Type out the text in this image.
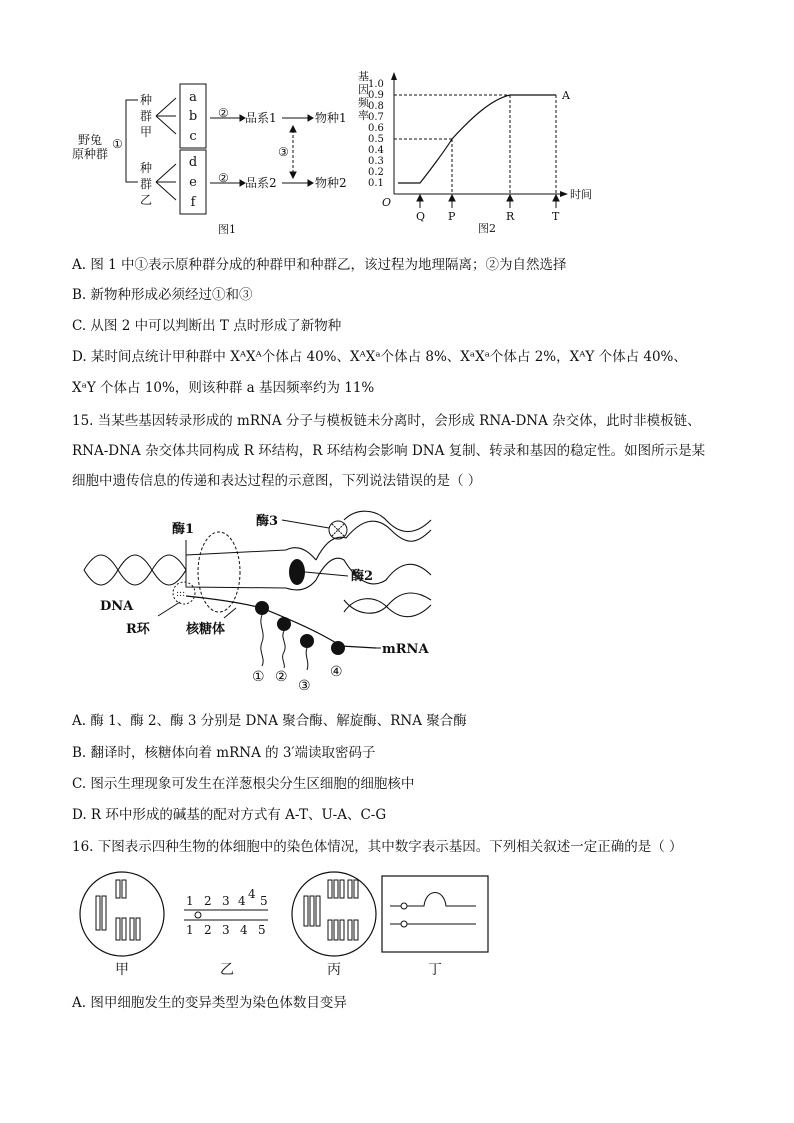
野兔
原种群
①
种
群
甲
种
群
乙
a
b
c
d
e
f
② 品系1	物种1
② 品系2	物种2
③
图1
基
因
频
率
1.0
0.9
0.8
0.7
0.6
0.5
0.4
0.3
0.2
0.1
时间
O
A
Q P	R	T
图2
A. 图 1 中①表示原种群分成的种群甲和种群乙，该过程为地理隔离；②为自然选择
B. 新物种形成必须经过①和③
C. 从图 2 中可以判断出 T 点时形成了新物种
D. 某时间点统计甲种群中 XᴬXᴬ个体占 40%、XᴬXᵃ个体占 8%、XᵃXᵃ个体占 2%，XᴬY 个体占 40%、
XᵃY 个体占 10%，则该种群 a 基因频率约为 11%
15. 当某些基因转录形成的 mRNA 分子与模板链未分离时，会形成 RNA-DNA 杂交体，此时非模板链、
RNA-DNA 杂交体共同构成 R 环结构，R 环结构会影响 DNA 复制、转录和基因的稳定性。如图所示是某
细胞中遗传信息的传递和表达过程的示意图，下列说法错误的是（ ）
:::
酶1
酶3
酶2
DNA
R环	核糖体
mRNA
① ②
③
④
A. 酶 1、酶 2、酶 3 分别是 DNA 聚合酶、解旋酶、RNA 聚合酶
B. 翻译时，核糖体向着 mRNA 的 3′端读取密码子
C. 图示生理现象可发生在洋葱根尖分生区细胞的细胞核中
D. R 环中形成的碱基的配对方式有 A-T、U-A、C-G
16. 下图表示四种生物的体细胞中的染色体情况，其中数字表示基因。下列相关叙述一定正确的是（ ）
1 2 3 4 4 5
1 2 3 4 5
甲	乙	丙	丁
A. 图甲细胞发生的变异类型为染色体数目变异
